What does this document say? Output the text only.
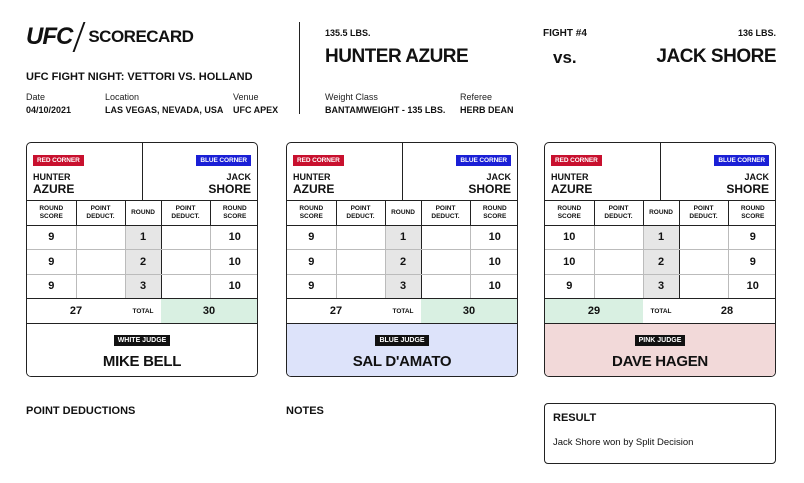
UFC SCORECARD
UFC FIGHT NIGHT: VETTORI VS. HOLLAND
Date
04/10/2021
Location
LAS VEGAS, NEVADA, USA
Venue
UFC APEX
135.5 LBS.
HUNTER AZURE
FIGHT #4
vs.
136 LBS.
JACK SHORE
Weight Class
BANTAMWEIGHT - 135 LBS.
Referee
HERB DEAN
RED CORNER
HUNTER
AZURE
BLUE CORNER
JACK
SHORE
ROUND SCORE	POINT DEDUCT.	ROUND	POINT DEDUCT.	ROUND SCORE
9		1		10
9		2		10
9		3		10
27	TOTAL	30
WHITE JUDGE
MIKE BELL
RED CORNER
HUNTER
AZURE
BLUE CORNER
JACK
SHORE
ROUND SCORE	POINT DEDUCT.	ROUND	POINT DEDUCT.	ROUND SCORE
9		1		10
9		2		10
9		3		10
27	TOTAL	30
BLUE JUDGE
SAL D'AMATO
RED CORNER
HUNTER
AZURE
BLUE CORNER
JACK
SHORE
ROUND SCORE	POINT DEDUCT.	ROUND	POINT DEDUCT.	ROUND SCORE
10		1		9
10		2		9
9		3		10
29	TOTAL	28
PINK JUDGE
DAVE HAGEN
POINT DEDUCTIONS	NOTES
RESULT
Jack Shore won by Split Decision
